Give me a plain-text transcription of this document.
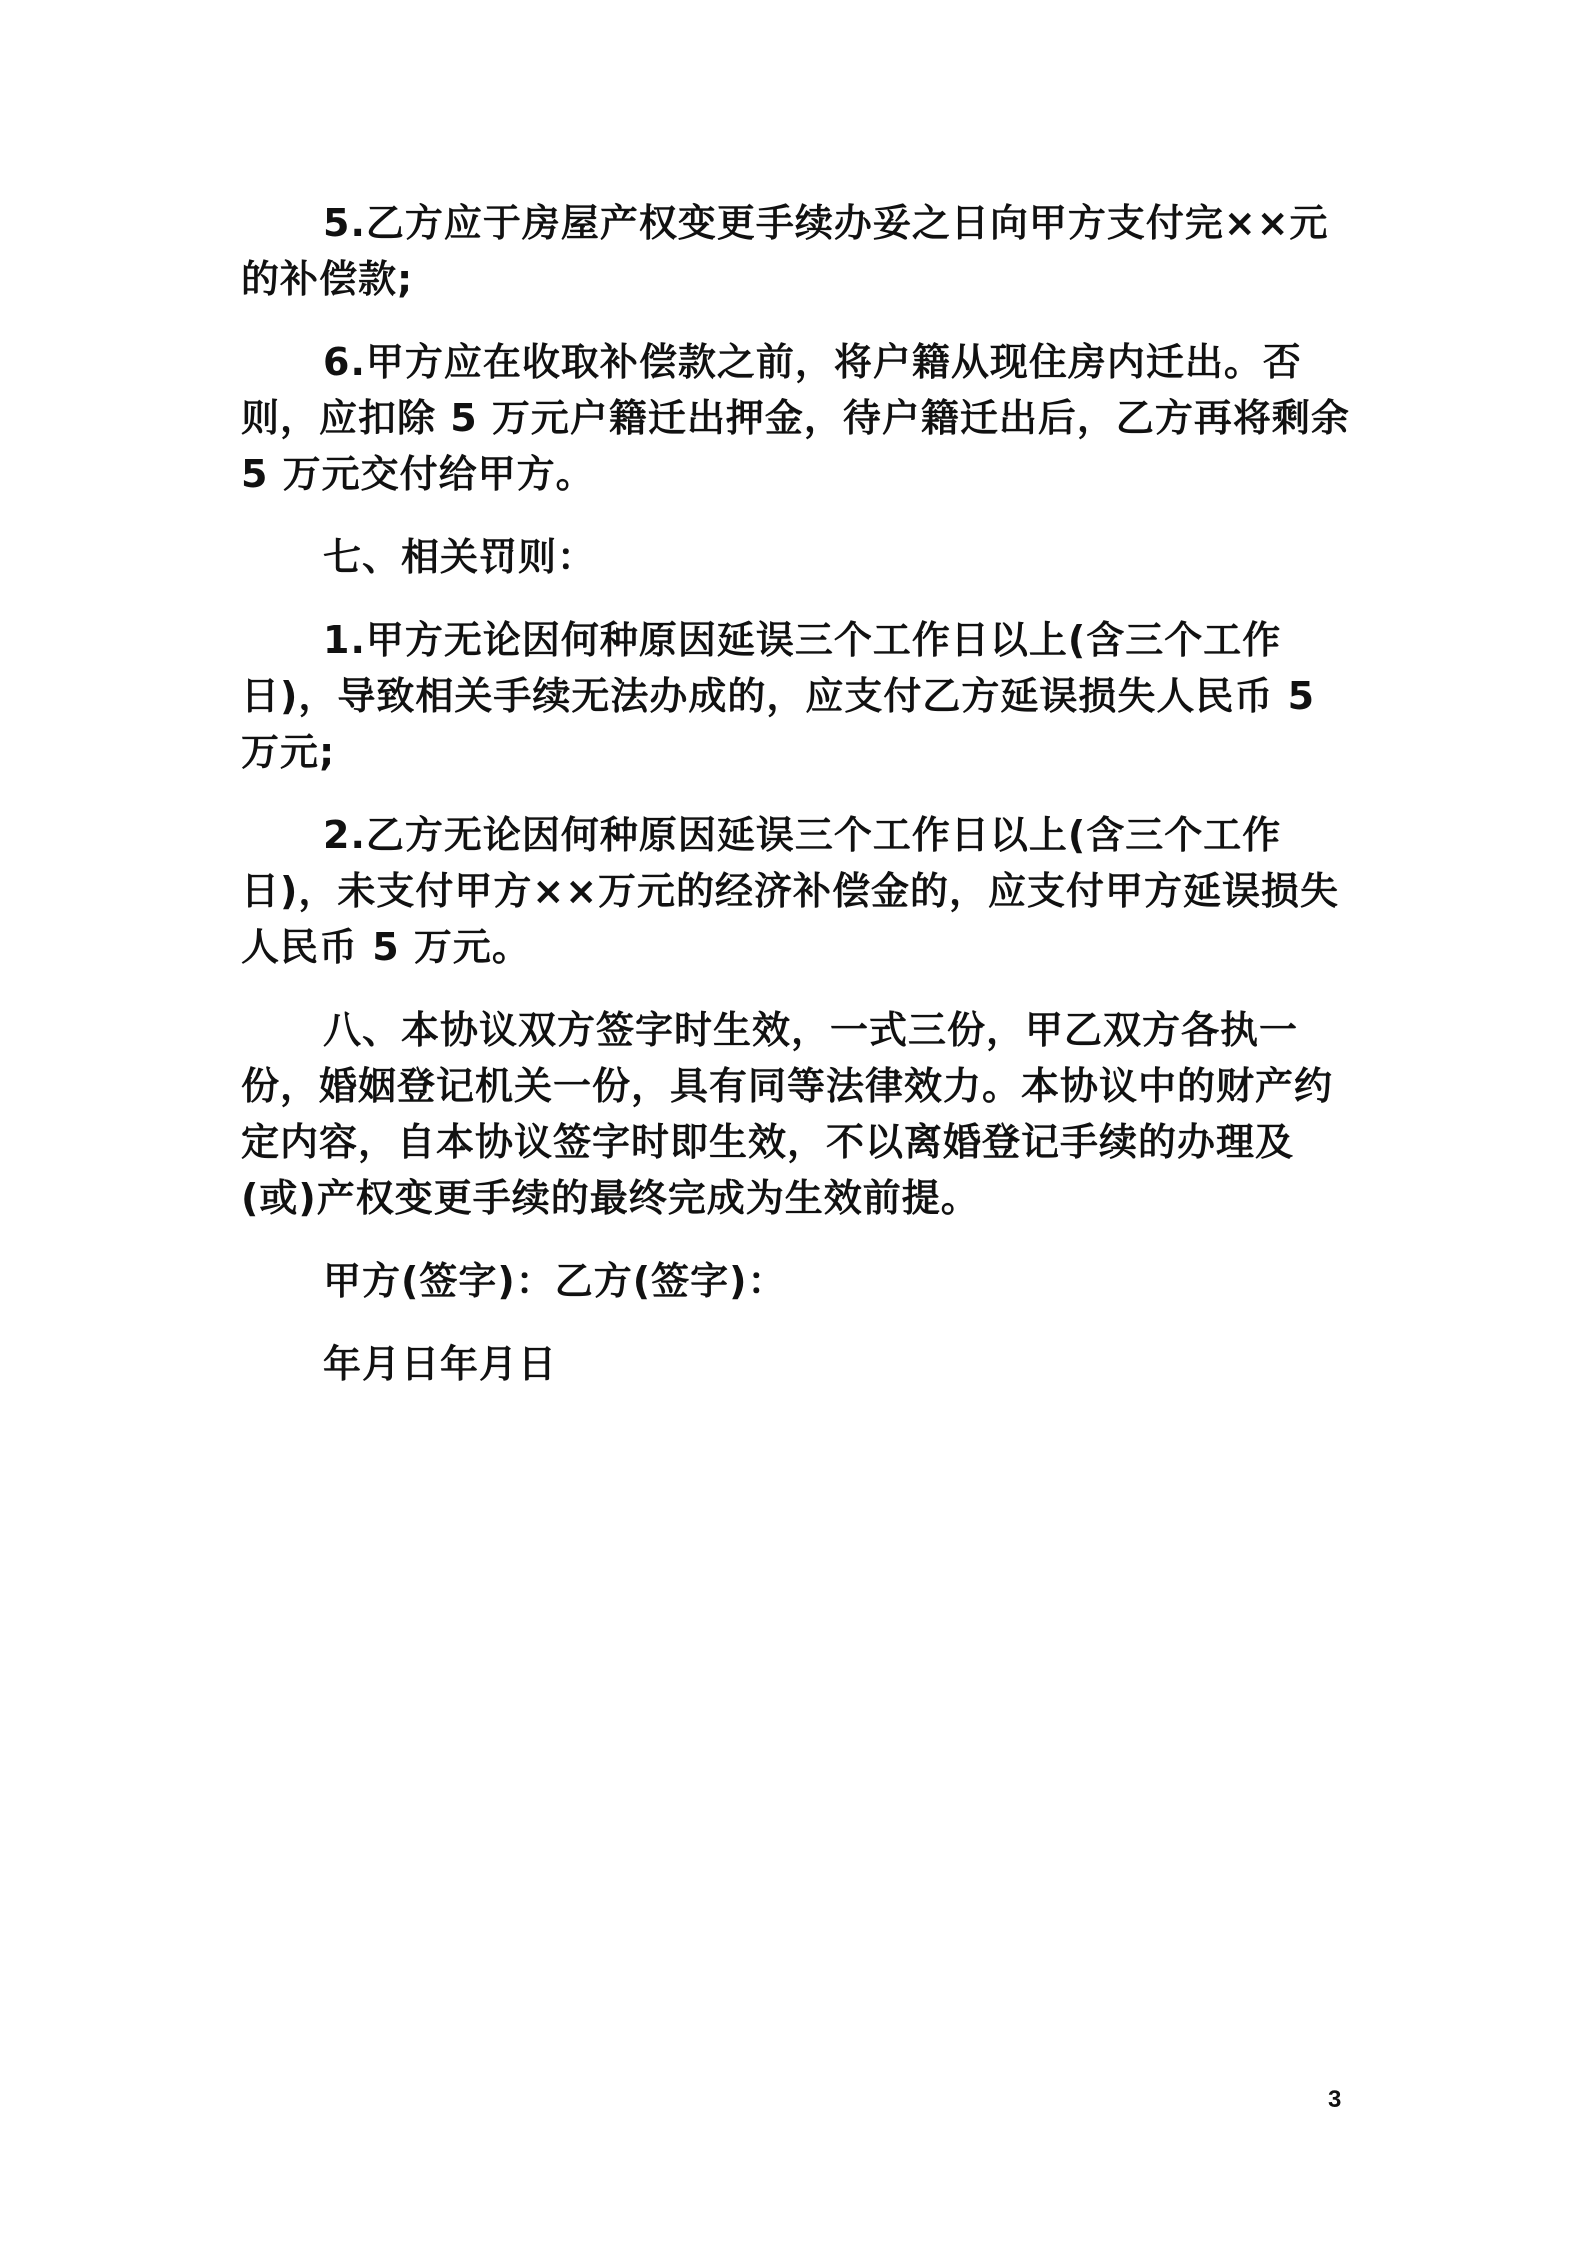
5.乙方应于房屋产权变更手续办妥之日向甲方支付完××元的补偿款;

6.甲方应在收取补偿款之前，将户籍从现住房内迁出。否则，应扣除 5 万元户籍迁出押金，待户籍迁出后，乙方再将剩余 5 万元交付给甲方。

七、相关罚则：

1.甲方无论因何种原因延误三个工作日以上(含三个工作日)，导致相关手续无法办成的，应支付乙方延误损失人民币 5 万元;

2.乙方无论因何种原因延误三个工作日以上(含三个工作日)，未支付甲方××万元的经济补偿金的，应支付甲方延误损失人民币 5 万元。

八、本协议双方签字时生效，一式三份，甲乙双方各执一份，婚姻登记机关一份，具有同等法律效力。本协议中的财产约定内容，自本协议签字时即生效，不以离婚登记手续的办理及(或)产权变更手续的最终完成为生效前提。

甲方(签字)：乙方(签字)：

年月日年月日

3
